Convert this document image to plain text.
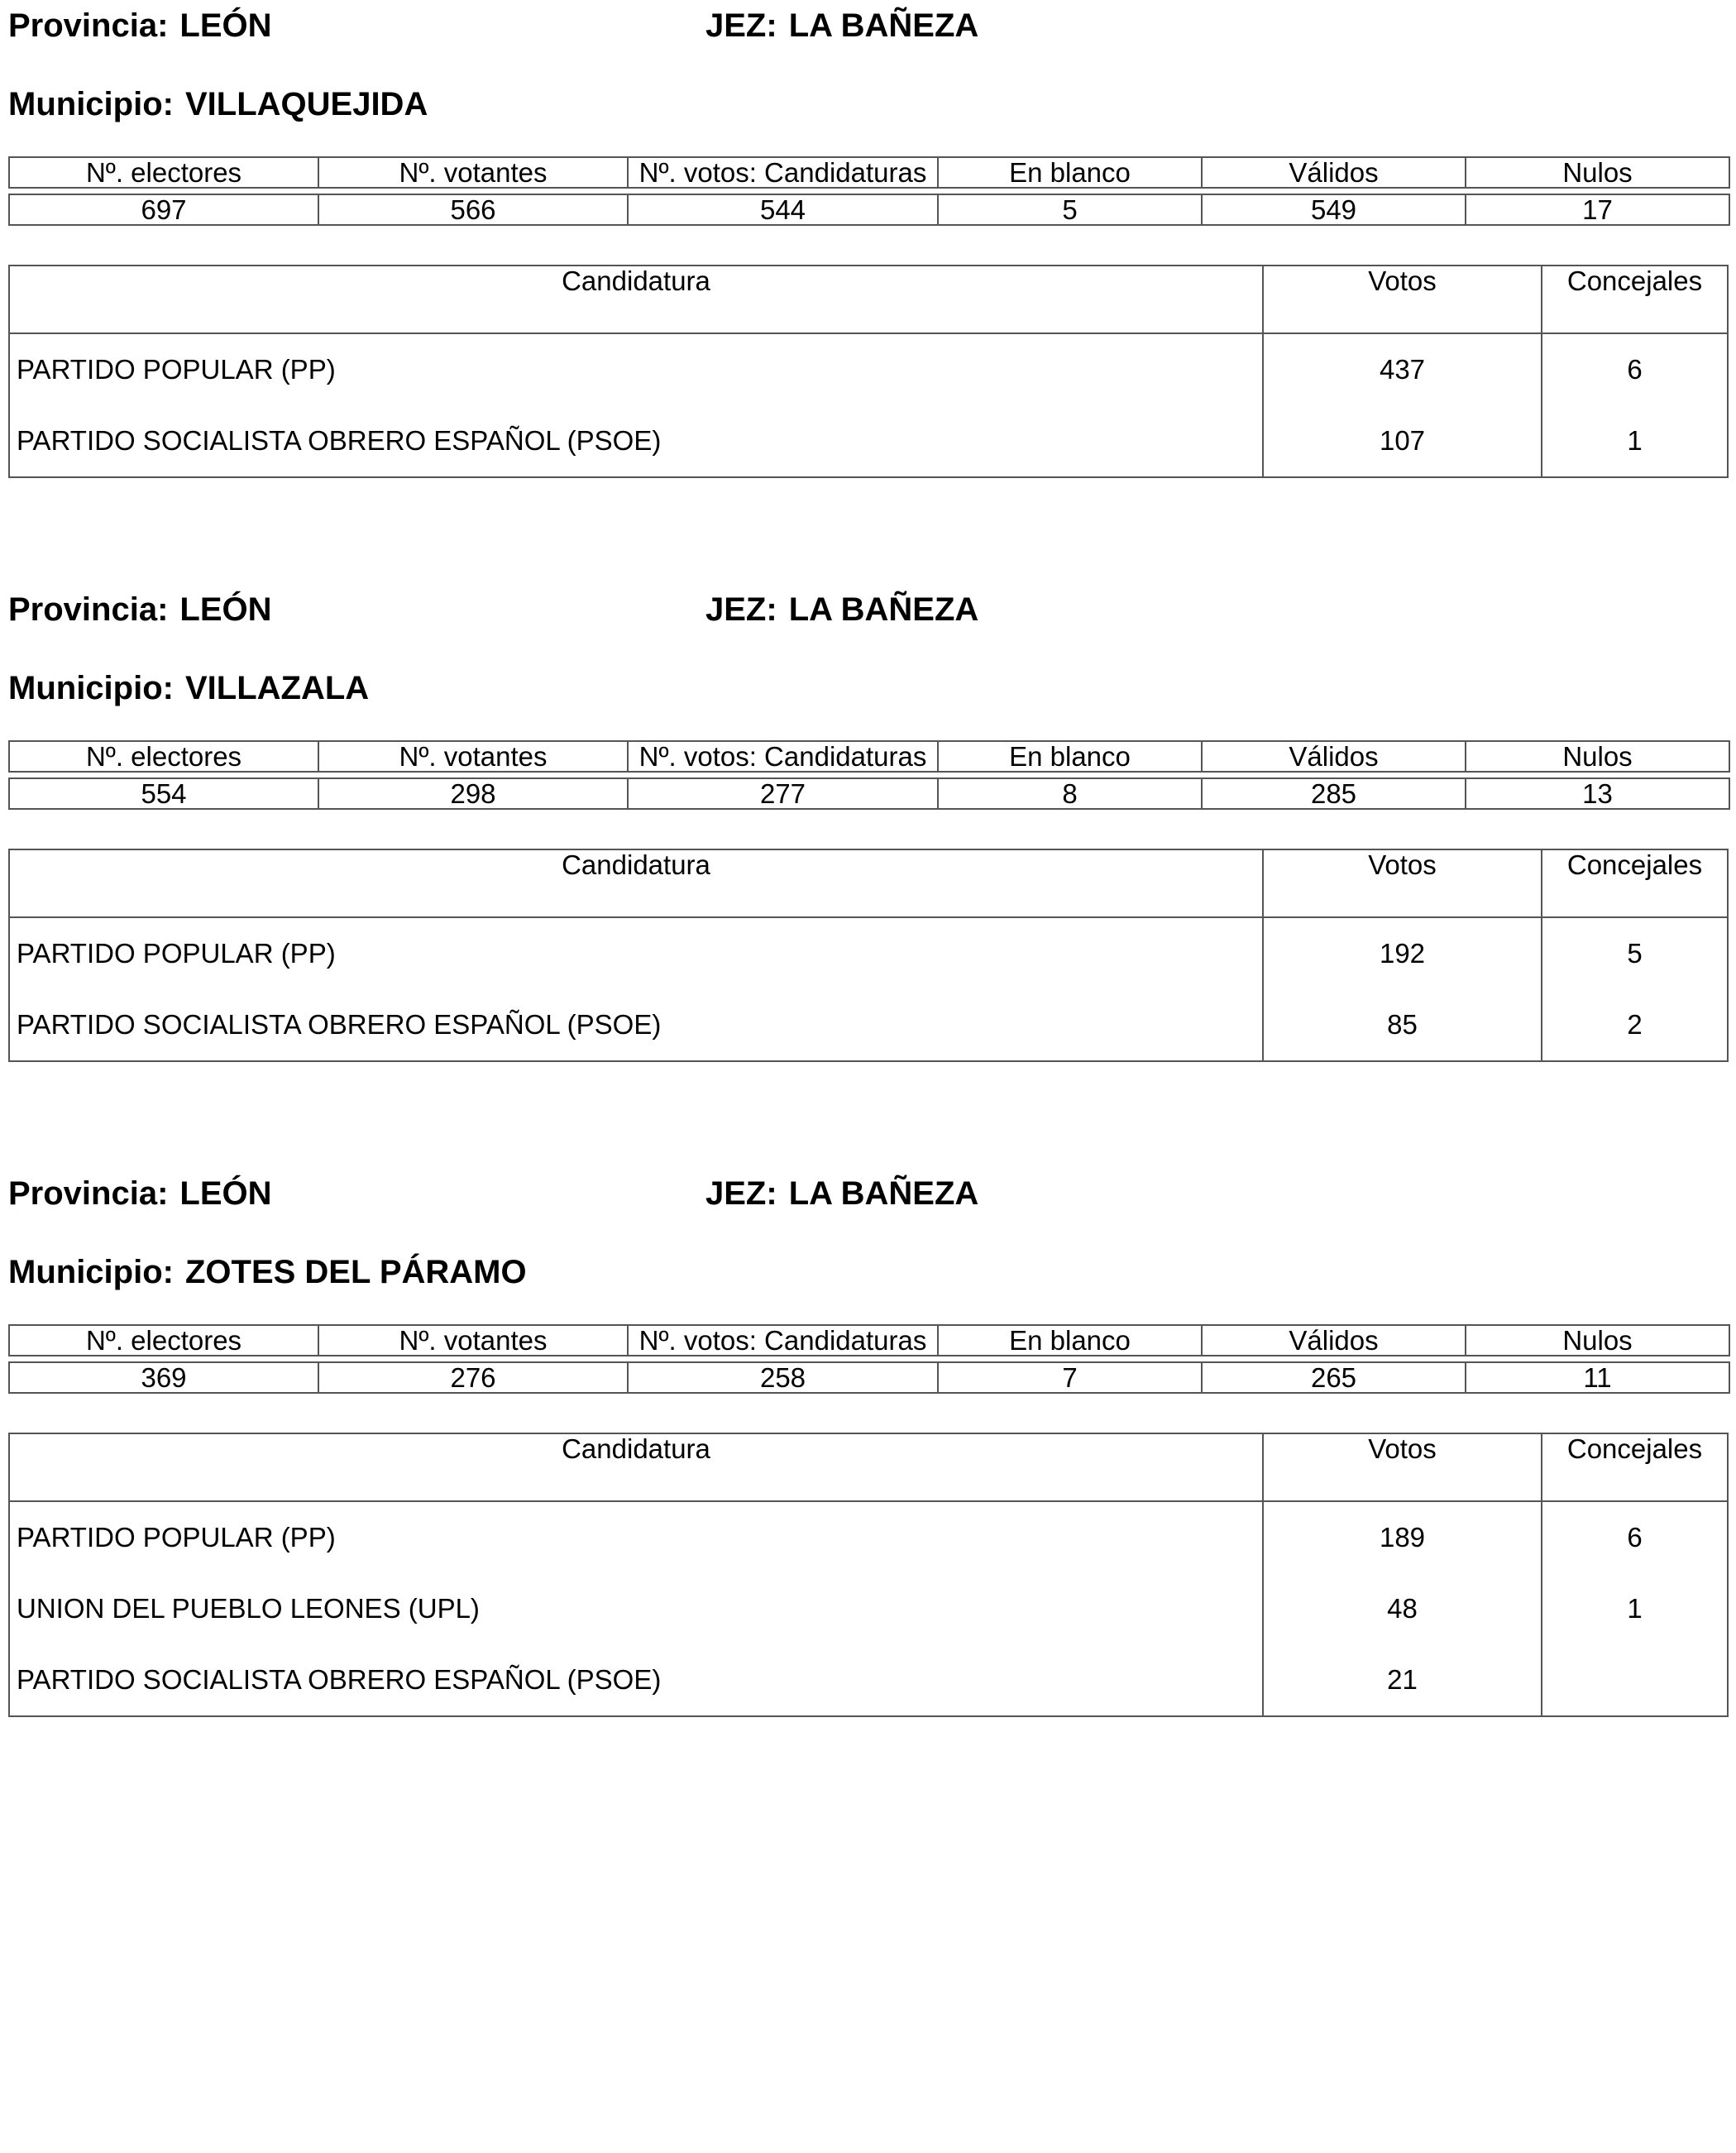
Provincia: LEÓN	JEZ: LA BAÑEZA
Municipio: VILLAQUEJIDA
Nº. electores	Nº. votantes	Nº. votos: Candidaturas	En blanco	Válidos	Nulos

697	566	544	5	549	17
Candidatura	Votos	Concejales
PARTIDO POPULAR (PP)	437	6
PARTIDO SOCIALISTA OBRERO ESPAÑOL (PSOE)	107	1
Provincia: LEÓN	JEZ: LA BAÑEZA
Municipio: VILLAZALA
Nº. electores	Nº. votantes	Nº. votos: Candidaturas	En blanco	Válidos	Nulos

554	298	277	8	285	13
Candidatura	Votos	Concejales
PARTIDO POPULAR (PP)	192	5
PARTIDO SOCIALISTA OBRERO ESPAÑOL (PSOE)	85	2
Provincia: LEÓN	JEZ: LA BAÑEZA
Municipio: ZOTES DEL PÁRAMO
Nº. electores	Nº. votantes	Nº. votos: Candidaturas	En blanco	Válidos	Nulos

369	276	258	7	265	11
Candidatura	Votos	Concejales
PARTIDO POPULAR (PP)	189	6
UNION DEL PUEBLO LEONES (UPL)	48	1
PARTIDO SOCIALISTA OBRERO ESPAÑOL (PSOE)	21	
